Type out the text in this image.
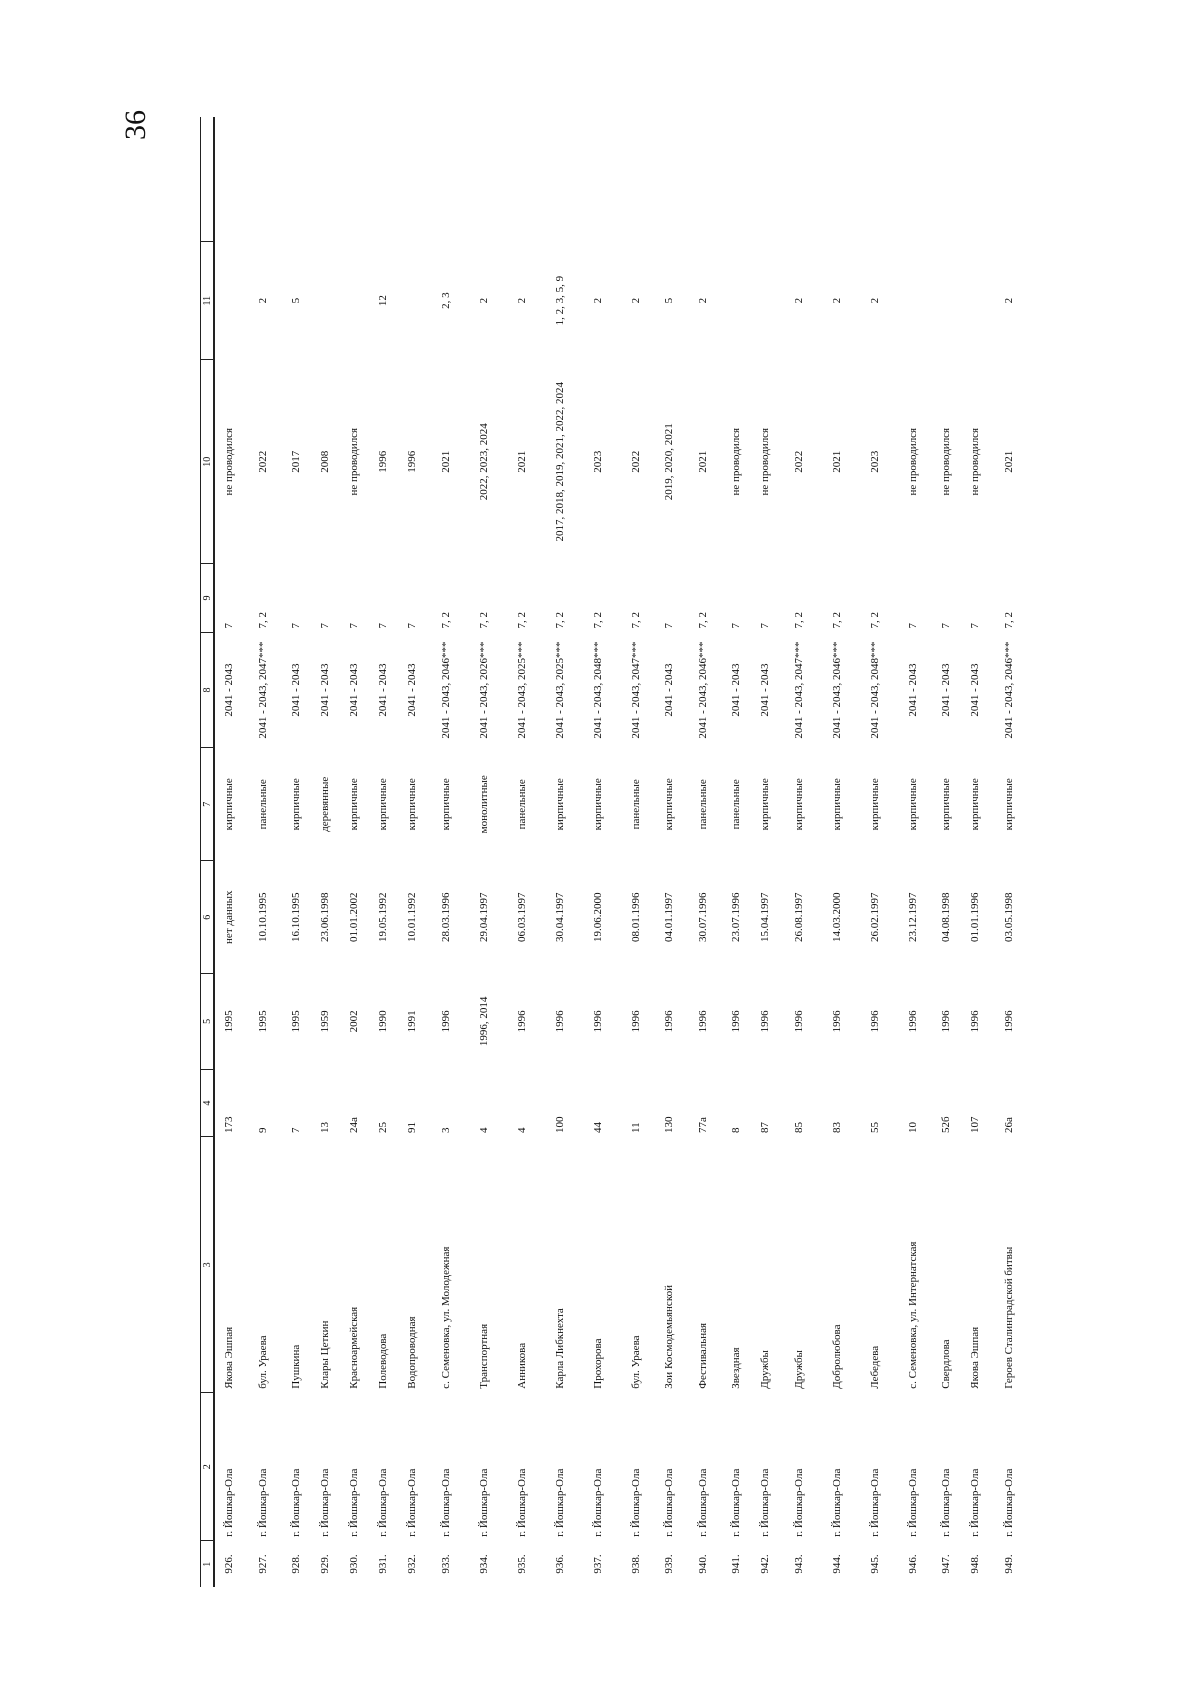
36
1	2	3	4	5	6	7	8	9	10	11	
926.	г. Йошкар-Ола	Якова Эшпая	173	1995	нет данных	кирпичные	2041 - 2043	7	не проводился		
927.	г. Йошкар-Ола	бул. Ураева	9	1995	10.10.1995	панельные	2041 - 2043, 2047***	7, 2	2022	2	
928.	г. Йошкар-Ола	Пушкина	7	1995	16.10.1995	кирпичные	2041 - 2043	7	2017	5	
929.	г. Йошкар-Ола	Клары Цеткин	13	1959	23.06.1998	деревянные	2041 - 2043	7	2008		
930.	г. Йошкар-Ола	Красноармейская	24а	2002	01.01.2002	кирпичные	2041 - 2043	7	не проводился		
931.	г. Йошкар-Ола	Полеводова	25	1990	19.05.1992	кирпичные	2041 - 2043	7	1996	12	
932.	г. Йошкар-Ола	Водопроводная	91	1991	10.01.1992	кирпичные	2041 - 2043	7	1996		
933.	г. Йошкар-Ола	с. Семеновка, ул. Молодежная	3	1996	28.03.1996	кирпичные	2041 - 2043, 2046***	7, 2	2021	2, 3	
934.	г. Йошкар-Ола	Транспортная	4	1996, 2014	29.04.1997	монолитные	2041 - 2043, 2026***	7, 2	2022, 2023, 2024	2	
935.	г. Йошкар-Ола	Анникова	4	1996	06.03.1997	панельные	2041 - 2043, 2025***	7, 2	2021	2	
936.	г. Йошкар-Ола	Карла Либкнехта	100	1996	30.04.1997	кирпичные	2041 - 2043, 2025***	7, 2	2017, 2018, 2019, 2021, 2022, 2024	1, 2, 3, 5, 9	
937.	г. Йошкар-Ола	Прохорова	44	1996	19.06.2000	кирпичные	2041 - 2043, 2048***	7, 2	2023	2	
938.	г. Йошкар-Ола	бул. Ураева	11	1996	08.01.1996	панельные	2041 - 2043, 2047***	7, 2	2022	2	
939.	г. Йошкар-Ола	Зои Космодемьянской	130	1996	04.01.1997	кирпичные	2041 - 2043	7	2019, 2020, 2021	5	
940.	г. Йошкар-Ола	Фестивальная	77а	1996	30.07.1996	панельные	2041 - 2043, 2046***	7, 2	2021	2	
941.	г. Йошкар-Ола	Звездная	8	1996	23.07.1996	панельные	2041 - 2043	7	не проводился		
942.	г. Йошкар-Ола	Дружбы	87	1996	15.04.1997	кирпичные	2041 - 2043	7	не проводился		
943.	г. Йошкар-Ола	Дружбы	85	1996	26.08.1997	кирпичные	2041 - 2043, 2047***	7, 2	2022	2	
944.	г. Йошкар-Ола	Добролюбова	83	1996	14.03.2000	кирпичные	2041 - 2043, 2046***	7, 2	2021	2	
945.	г. Йошкар-Ола	Лебедева	55	1996	26.02.1997	кирпичные	2041 - 2043, 2048***	7, 2	2023	2	
946.	г. Йошкар-Ола	с. Семеновка, ул. Интернатская	10	1996	23.12.1997	кирпичные	2041 - 2043	7	не проводился		
947.	г. Йошкар-Ола	Свердлова	52б	1996	04.08.1998	кирпичные	2041 - 2043	7	не проводился		
948.	г. Йошкар-Ола	Якова Эшпая	107	1996	01.01.1996	кирпичные	2041 - 2043	7	не проводился		
949.	г. Йошкар-Ола	Героев Сталинградской битвы	26а	1996	03.05.1998	кирпичные	2041 - 2043, 2046***	7, 2	2021	2	
